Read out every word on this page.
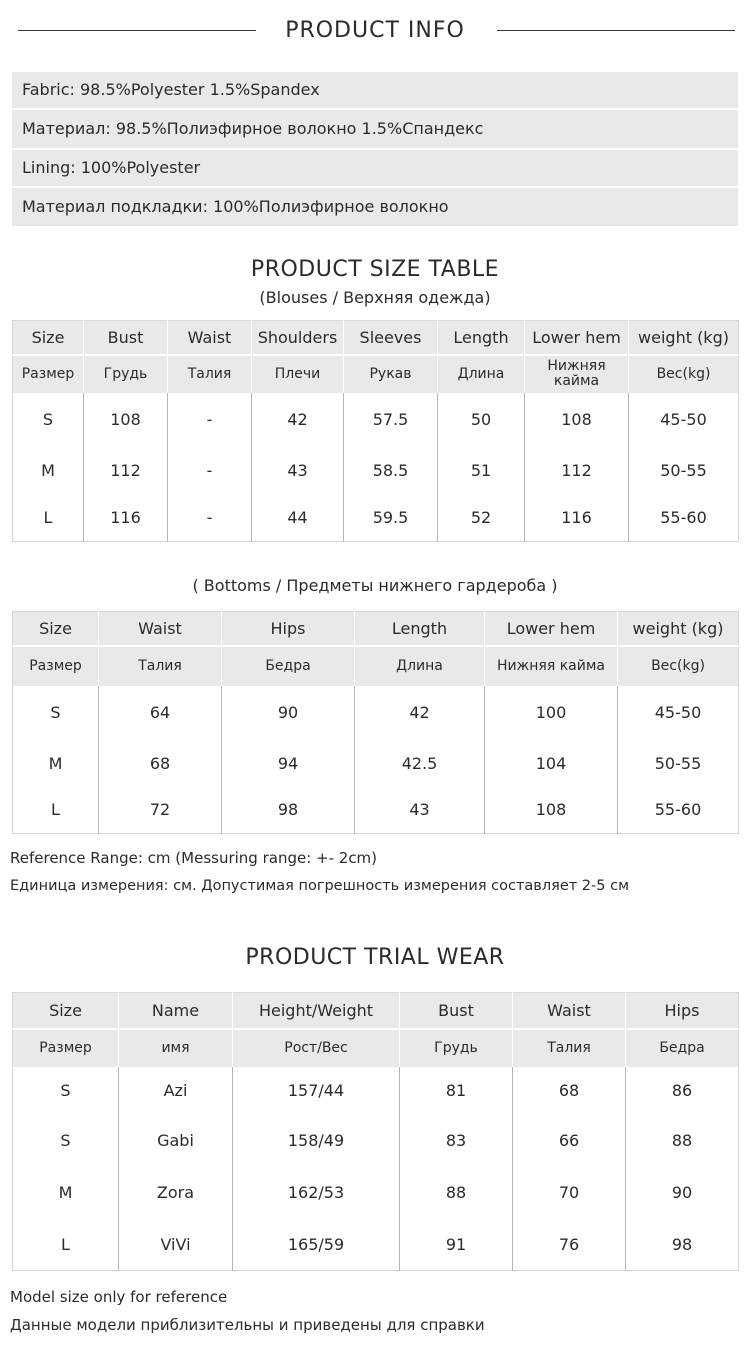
PRODUCT INFO
Fabric: 98.5%Polyester 1.5%Spandex
Материал: 98.5%Полиэфирное волокно 1.5%Спандекс
Lining: 100%Polyester
Материал подкладки: 100%Полиэфирное волокно
PRODUCT SIZE TABLE
(Blouses / Верхняя одежда)
Size	Bust	Waist	Shoulders	Sleeves	Length	Lower hem	weight (kg)
Размер	Грудь	Талия	Плечи	Рукав	Длина	Нижняя кайма	Вес(kg)
S	108	-	42	57.5	50	108	45-50
M	112	-	43	58.5	51	112	50-55
L	116	-	44	59.5	52	116	55-60
( Bottoms / Предметы нижнего гардероба )
Size	Waist	Hips	Length	Lower hem	weight (kg)
Размер	Талия	Бедра	Длина	Нижняя кайма	Вес(kg)
S	64	90	42	100	45-50
M	68	94	42.5	104	50-55
L	72	98	43	108	55-60
Reference Range: cm (Messuring range: +- 2cm)
Единица измерения: см. Допустимая погрешность измерения составляет 2-5 см
PRODUCT TRIAL WEAR
Size	Name	Height/Weight	Bust	Waist	Hips
Размер	имя	Рост/Вес	Грудь	Талия	Бедра
S	Azi	157/44	81	68	86
S	Gabi	158/49	83	66	88
M	Zora	162/53	88	70	90
L	ViVi	165/59	91	76	98
Model size only for reference
Данные модели приблизительны и приведены для справки
